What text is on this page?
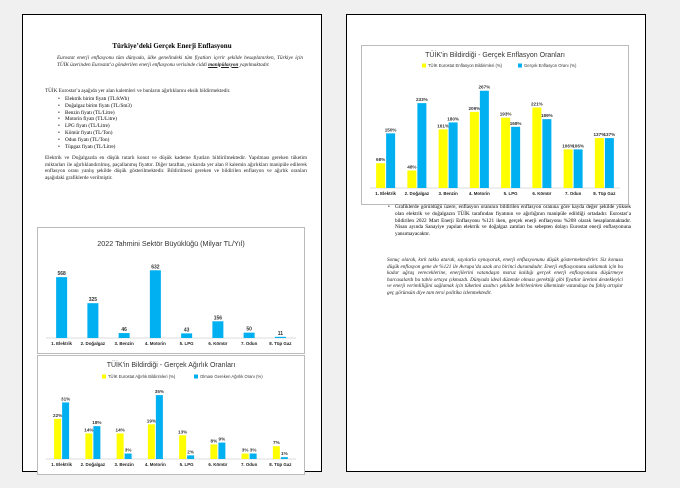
Türkiye’deki Gerçek Enerji Enflasyonu
Eurostat enerji enflasyonu tüm dünyada, ülke genelindeki tüm fiyatları içerir şekilde hesaplanırken, Türkiye için TÜİK üzerinden Eurostat’a gönderilen enerji enflasyonu verisinde ciddi manipülasyon yapılmaktadır.
TÜİK Eurostat’a aşağıda yer alan kalemleri ve bunların ağırlıklarını eksik bildirmektedir.
• Elektrik birim fiyatı (TL/kWh)
• Doğalgaz birim fiyatı (TL/Sm3)
• Benzin fiyatı (TL/Litre)
• Motorin fiyatı (TL/Litre)
• LPG fiyatı (TL/Litre)
• Kömür fiyatı (TL/Ton)
• Odun fiyatı (TL/Ton)
• Tüpgaz fiyatı (TL/Litre)
Elektrik ve Doğalgazda en düşük tutarlı konut ve düşük kademe fiyatları bildirilmektedir. Yapılması gereken tüketim miktarları ile ağırlıklandırılmış, paçallanmış fiyattır. Diğer taraftan, yukarıda yer alan 8 kalemin ağırlıkları manipüle edilerek enflasyon oranı yanlış şekilde düşük gösterilmektedir. Bildirilmesi gereken ve bildirilen enflasyon ve ağırlık oranları aşağıdaki grafiklerde verilmiştir.
2022 Tahmini Sektör Büyüklüğü (Milyar TL/Yıl)
568
1. Elektrik
325
2. Doğalgaz
46
3. Benzin
632
4. Motorin
43
5. LPG
156
6. Kömür
50
7. Odun
11
8. Tüp Gaz
TÜİK'in Bildirdiği - Gerçek Ağırlık Oranları
TÜİK Eurostat Ağırlık Bildirimleri (%)	Olması Gereken Ağırlık Oranı (%)
22%
31%
1. Elektrik
14%
18%
2. Doğalgaz
14%
3%
3. Benzin
19%
35%
4. Motorin
13%
2%
5. LPG
8% 9%
6. Kömür
3% 3%
7. Odun
7%
1%
8. Tüp Gaz
TÜİK'in Bildirdiği - Gerçek Enflasyon Oranları
TÜİK Eurostat Enflasyon Bildirimleri (%)	Gerçek Enflasyon Oranı (%)
68%
150%
1. Elektrik
48%
233%
2. Doğalgaz
161%
180%
3. Benzin
209%
267%
4. Motorin
193%
168%
5. LPG
221%
189%
6. Kömür
106%
106%
7. Odun
137%
137%
8. Tüp Gaz
• Grafiklerde görüldüğü üzere, enflasyon oranının bildirilen enflasyon oranına göre kayda değer şekilde yüksek olan elektrik ve doğalgazın TÜİK tarafından fiyatının ve ağırlığının manipüle edildiği ortadadır. Eurostat’a bildirilen 2022 Mart Enerji Enflasyonu %121 iken, gerçek enerji enflasyonu %208 olarak hesaplanmaktadır. Nisan ayında Sanayiye yapılan elektrik ve doğalgaz zamları bu sebepten dolayı Eurostat enerji enflasyonuna yansımayacaktır.
Sonuç olarak, kırk takla atarak, sayılarla oynayarak, enerji enflasyonunu düşük göstermektedirler. Siz konusu düşük enflasyon gene de %121 ile Avrupa’da uzak ara birinci durumdadır. Enerji enflasyonunu saklamak için bu kadar uğraş vereceklerine, enerjilerini vatandaşın maruz kaldığı gerçek enerji enflasyonunu düşürmeye harcasalardı bu tablo ortaya çıkmazdı. Dünyada ideal düzende olması gerektiği gibi fiyatlar üretimi destekleyici ve enerji verimliliğini sağlamak için tüketimi azaltıcı şekilde belirlenirken ülkemizde vatandaşa bu fahiş artışlar geç görünsün diye tam tersi politika izlenmektedir.
